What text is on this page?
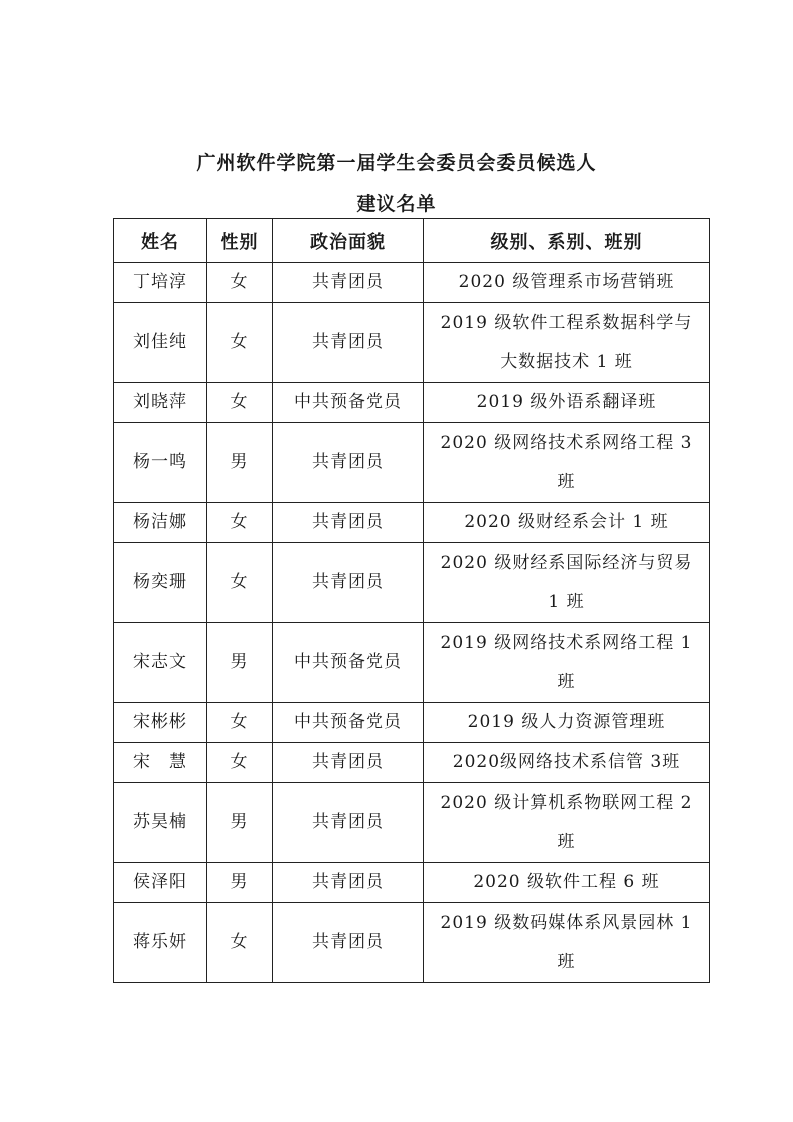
广州软件学院第一届学生会委员会委员候选人
建议名单
姓名	性别	政治面貌	级别、系别、班别
丁培淳	女	共青团员	2020 级管理系市场营销班
刘佳纯	女	共青团员	2019 级软件工程系数据科学与大数据技术 1 班
刘晓萍	女	中共预备党员	2019 级外语系翻译班
杨一鸣	男	共青团员	2020 级网络技术系网络工程 3 班
杨洁娜	女	共青团员	2020 级财经系会计 1 班
杨奕珊	女	共青团员	2020 级财经系国际经济与贸易 1 班
宋志文	男	中共预备党员	2019 级网络技术系网络工程 1 班
宋彬彬	女	中共预备党员	2019 级人力资源管理班
宋　慧	女	共青团员	2020级网络技术系信管 3班
苏昊楠	男	共青团员	2020 级计算机系物联网工程 2 班
侯泽阳	男	共青团员	2020 级软件工程 6 班
蒋乐妍	女	共青团员	2019 级数码媒体系风景园林 1 班
